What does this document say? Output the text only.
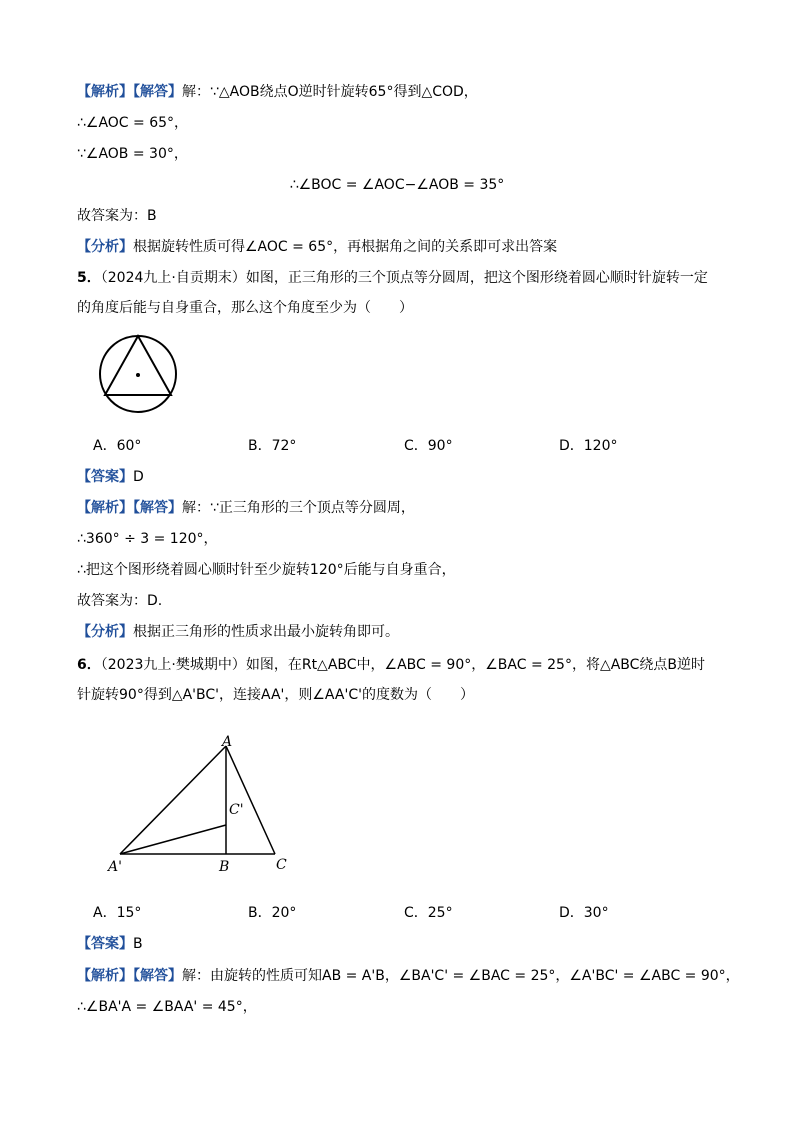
【解析】【解答】解：∵△AOB绕点O逆时针旋转65°得到△COD，
∴∠AOC = 65°，
∵∠AOB = 30°，
∴∠BOC = ∠AOC−∠AOB = 35°
故答案为：B
【分析】根据旋转性质可得∠AOC = 65°，再根据角之间的关系即可求出答案
5．（2024九上·自贡期末）如图，正三角形的三个顶点等分圆周，把这个图形绕着圆心顺时针旋转一定的角度后能与自身重合，那么这个角度至少为（　　）
A．60°	B．72°	C．90°	D．120°
【答案】D
【解析】【解答】解：∵正三角形的三个顶点等分圆周，
∴360° ÷ 3 = 120°，
∴把这个图形绕着圆心顺时针至少旋转120°后能与自身重合，
故答案为：D.
【分析】根据正三角形的性质求出最小旋转角即可。
6．（2023九上·樊城期中）如图，在Rt△ABC中，∠ABC = 90°，∠BAC = 25°，将△ABC绕点B逆时针旋转90°得到△A'BC'，连接AA'，则∠AA'C'的度数为（　　）
A
C'
A'	B	C
A．15°	B．20°	C．25°	D．30°
【答案】B
【解析】【解答】解：由旋转的性质可知AB = A'B，∠BA'C' = ∠BAC = 25°，∠A'BC' = ∠ABC = 90°，
∴∠BA'A = ∠BAA' = 45°，
